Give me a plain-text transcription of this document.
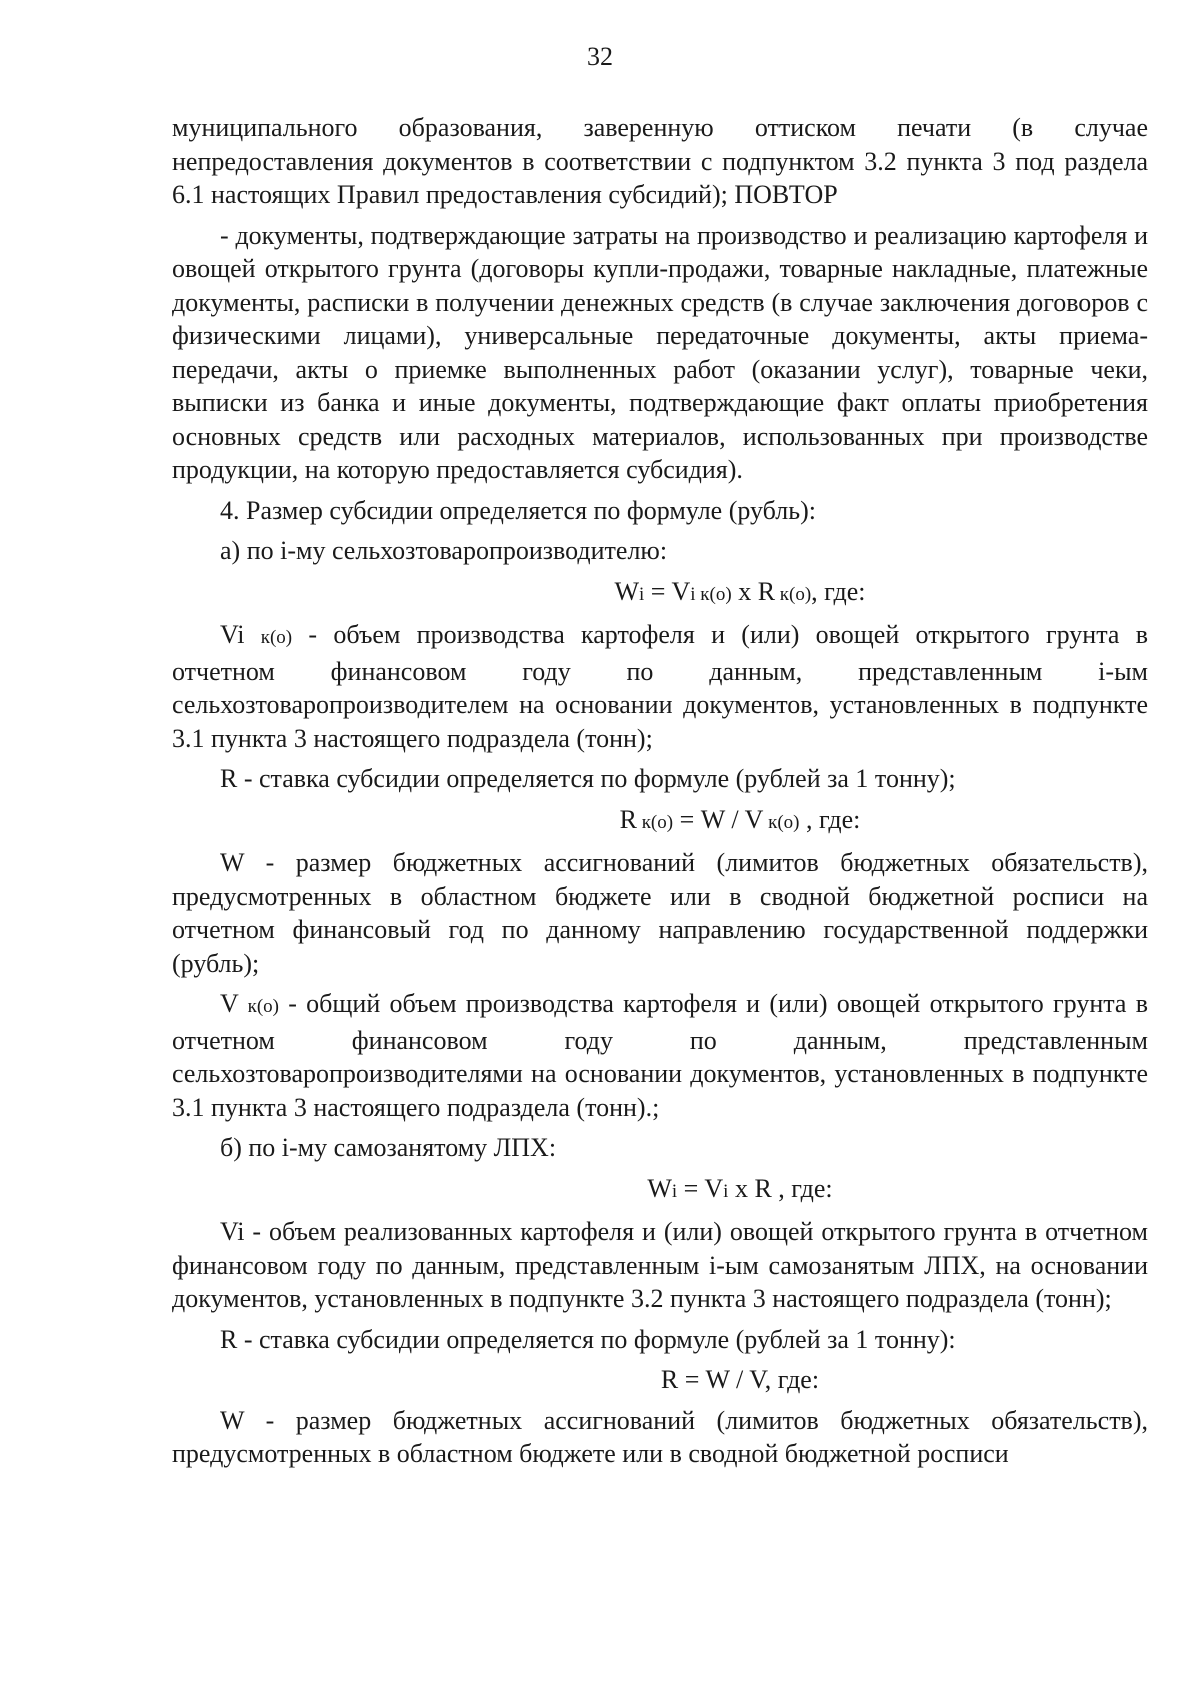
32

муниципального образования, заверенную оттиском печати (в случае непредоставления документов в соответствии с подпунктом 3.2 пункта 3 под раздела 6.1 настоящих Правил предоставления субсидий); ПОВТОР

- документы, подтверждающие затраты на производство и реализацию картофеля и овощей открытого грунта (договоры купли-продажи, товарные накладные, платежные документы, расписки в получении денежных средств (в случае заключения договоров с физическими лицами), универсальные передаточные документы, акты приема-передачи, акты о приемке выполненных работ (оказании услуг), товарные чеки, выписки из банка и иные документы, подтверждающие факт оплаты приобретения основных средств или расходных материалов, использованных при производстве продукции, на которую предоставляется субсидия).

4. Размер субсидии определяется по формуле (рубль):

а) по i-му сельхозтоваропроизводителю:

Wi = Vi к(о) х R к(о), где:

Vi к(о) - объем производства картофеля и (или) овощей открытого грунта в отчетном финансовом году по данным, представленным i-ым сельхозтоваропроизводителем на основании документов, установленных в подпункте 3.1 пункта 3 настоящего подраздела (тонн);

R - ставка субсидии определяется по формуле (рублей за 1 тонну);

R к(о) = W / V к(о) , где:

W - размер бюджетных ассигнований (лимитов бюджетных обязательств), предусмотренных в областном бюджете или в сводной бюджетной росписи на отчетном финансовый год по данному направлению государственной поддержки (рубль);

V к(о) - общий объем производства картофеля и (или) овощей открытого грунта в отчетном финансовом году по данным, представленным сельхозтоваропроизводителями на основании документов, установленных в подпункте 3.1 пункта 3 настоящего подраздела (тонн).;

б) по i-му самозанятому ЛПХ:

Wi = Vi x R , где:

Vi - объем реализованных картофеля и (или) овощей открытого грунта в отчетном финансовом году по данным, представленным i-ым самозанятым ЛПХ, на основании документов, установленных в подпункте 3.2 пункта 3 настоящего подраздела (тонн);

R - ставка субсидии определяется по формуле (рублей за 1 тонну):

R = W / V, где:

W - размер бюджетных ассигнований (лимитов бюджетных обязательств), предусмотренных в областном бюджете или в сводной бюджетной росписи
